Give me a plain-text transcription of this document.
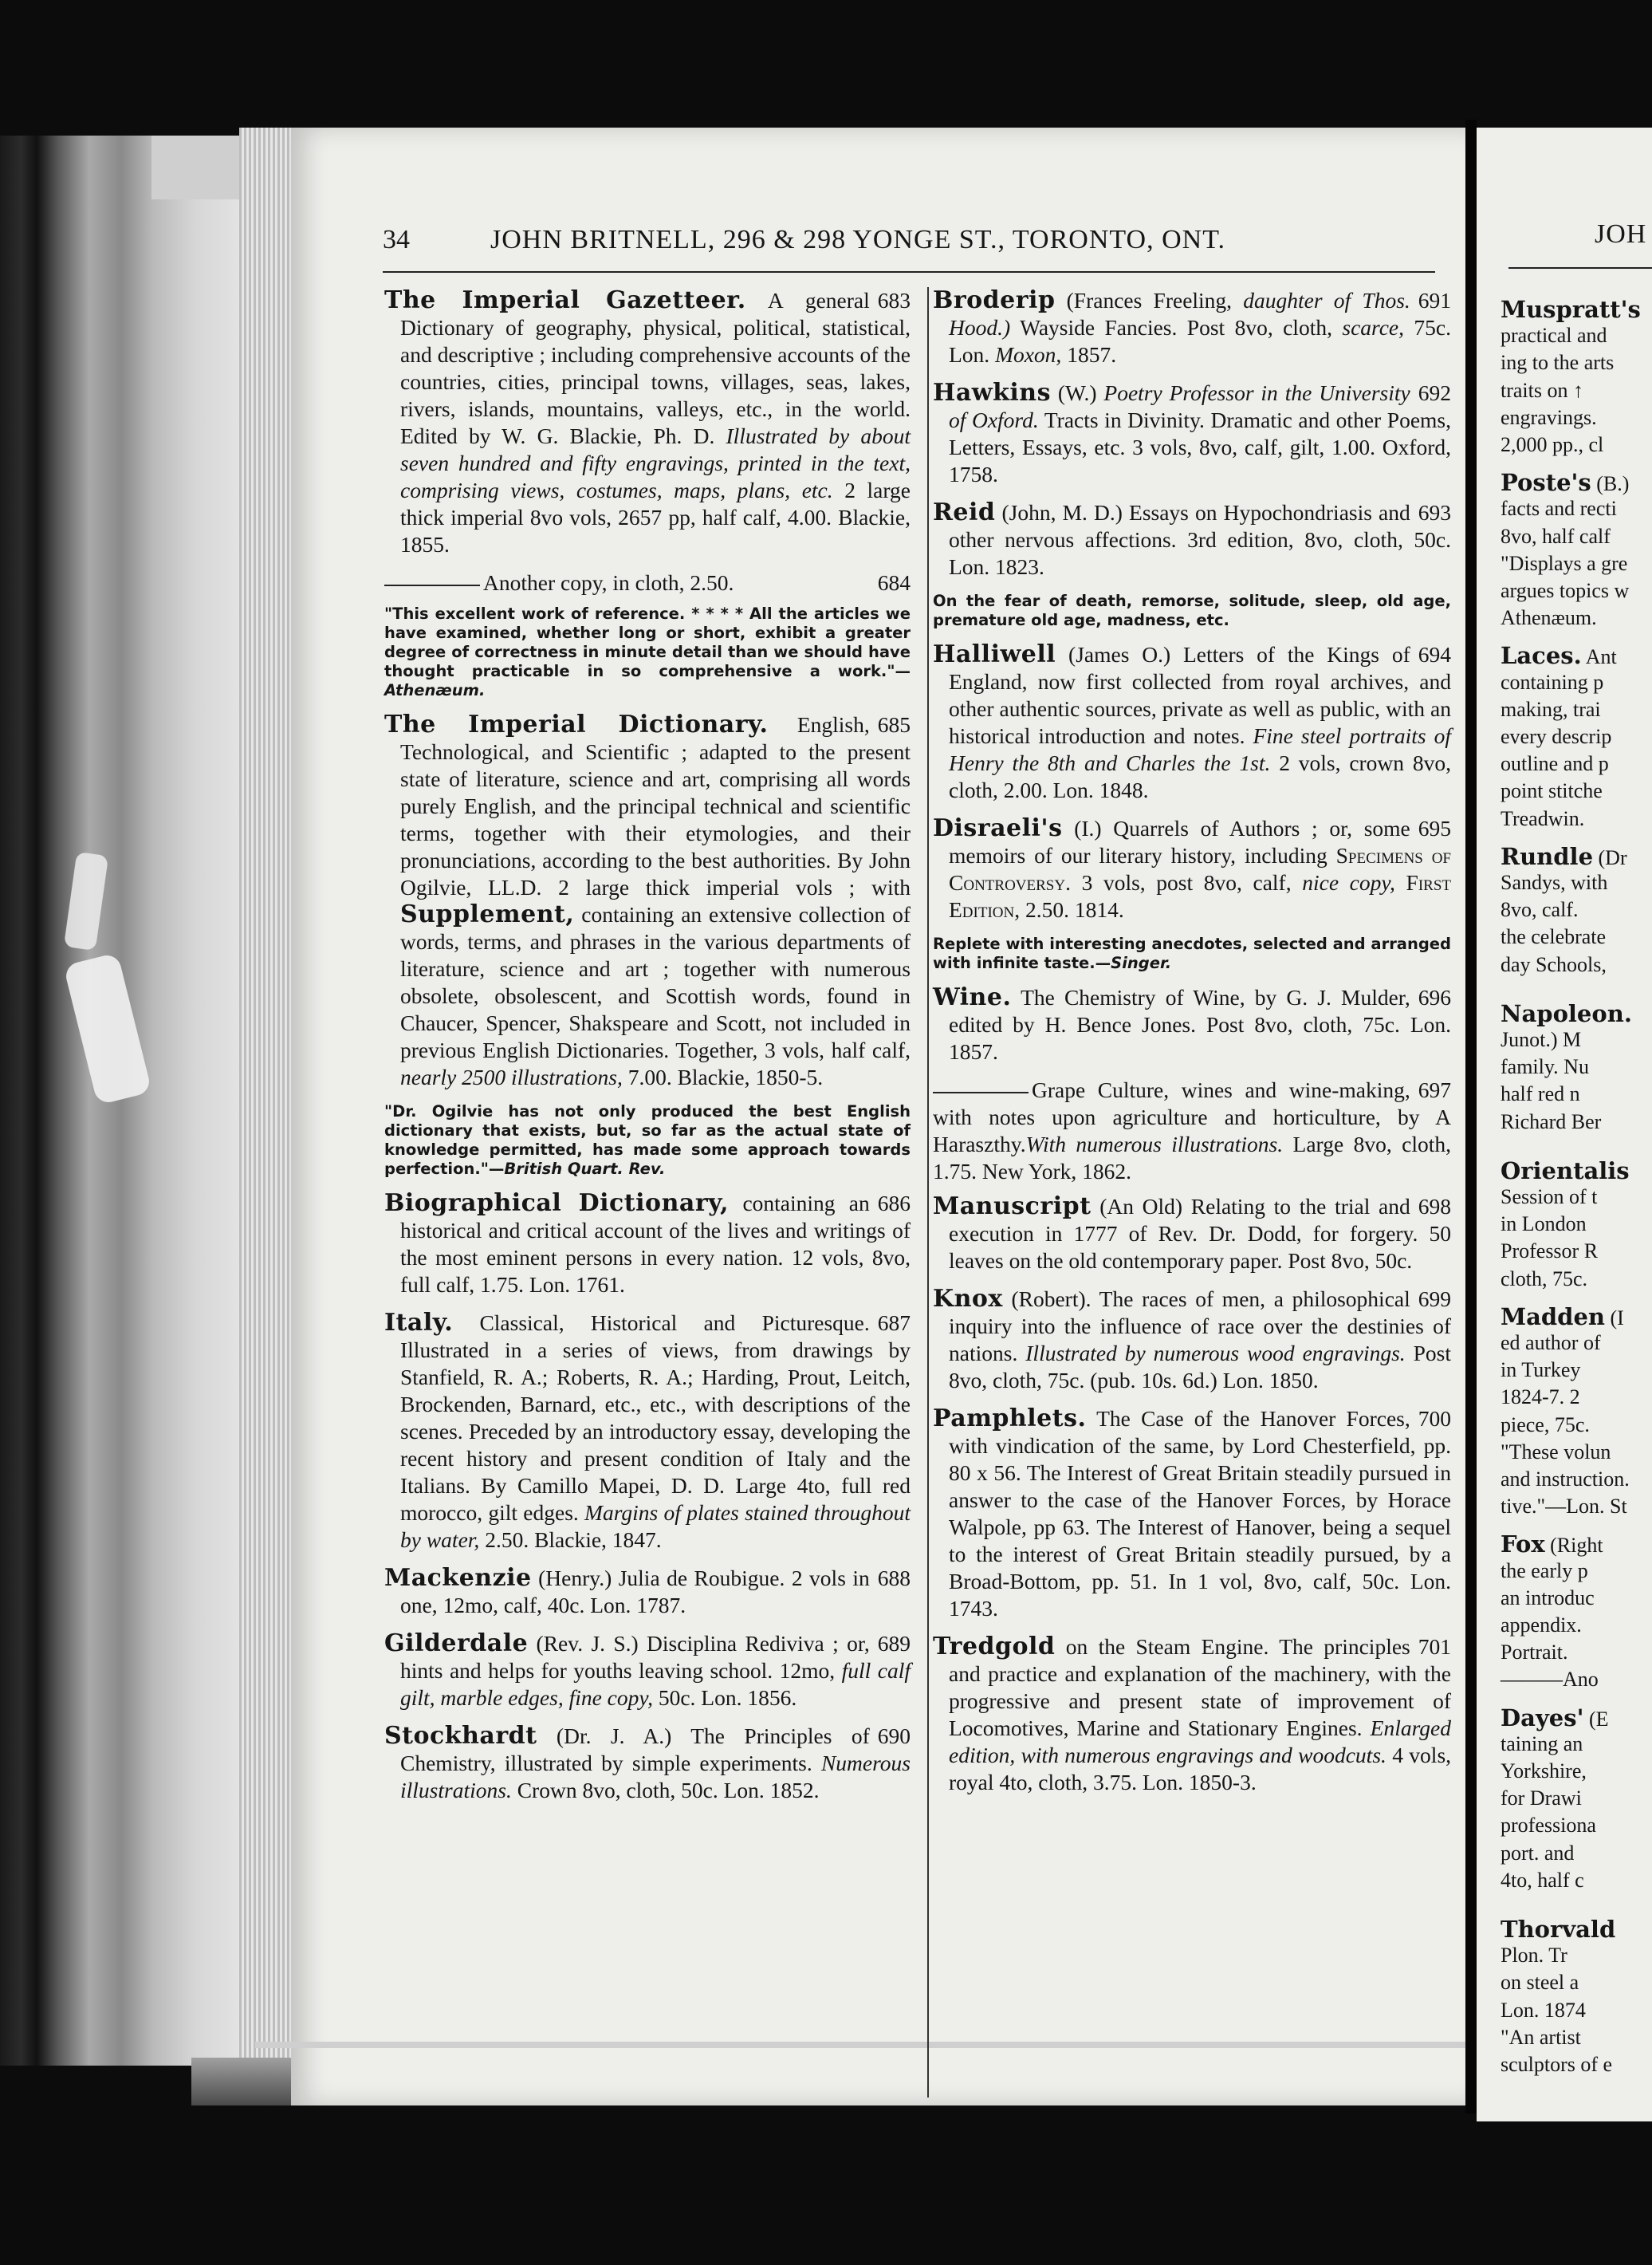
JOH
Muspratt's
practical and
ing to the arts
traits on ↑
engravings.
2,000 pp., cl
Poste's (B.)
facts and recti
8vo, half calf
"Displays a gre
argues topics w
Athenæum.
Laces. Ant
containing p
making, trai
every descrip
outline and p
point stitche
Treadwin.
Rundle (Dr
Sandys, with
8vo, calf.
the celebrate
day Schools,
Napoleon.
Junot.) M
family. Nu
half red n
Richard Ber
Orientalis
Session of t
in London
Professor R
cloth, 75c.
Madden (I
ed author of
in Turkey
1824-7. 2
piece, 75c.
"These volun
and instruction.
tive."—Lon. St
Fox (Right
the early p
an introduc
appendix.
Portrait.
———Ano
Dayes' (E
taining an
Yorkshire,
for Drawi
professiona
port. and
4to, half c
Thorvald
Plon. Tr
on steel a
Lon. 1874
"An artist
sculptors of e
34	JOHN BRITNELL, 296 & 298 YONGE ST., TORONTO, ONT.
683
The Imperial Gazetteer. A general Dictionary of geography, physical, political, statistical, and descriptive ; including comprehensive accounts of the countries, cities, principal towns, villages, seas, lakes, rivers, islands, mountains, valleys, etc., in the world. Edited by W. G. Blackie, Ph. D. Illustrated by about seven hundred and fifty engravings, printed in the text, comprising views, costumes, maps, plans, etc. 2 large thick imperial 8vo vols, 2657 pp, half calf, 4.00. Blackie, 1855.
684
Another copy, in cloth, 2.50.
"This excellent work of reference. * * * * All the articles we have examined, whether long or short, exhibit a greater degree of correctness in minute detail than we should have thought practicable in so comprehensive a work."—Athenæum.
685
The Imperial Dictionary. English, Technological, and Scientific ; adapted to the present state of literature, science and art, comprising all words purely English, and the principal technical and scientific terms, together with their etymologies, and their pronunciations, according to the best authorities. By John Ogilvie, LL.D. 2 large thick imperial vols ; with Supplement, containing an extensive collection of words, terms, and phrases in the various departments of literature, science and art ; together with numerous obsolete, obsolescent, and Scottish words, found in Chaucer, Spencer, Shakspeare and Scott, not included in previous English Dictionaries. Together, 3 vols, half calf, nearly 2500 illustrations, 7.00. Blackie, 1850-5.
"Dr. Ogilvie has not only produced the best English dictionary that exists, but, so far as the actual state of knowledge permitted, has made some approach towards perfection."—British Quart. Rev.
686
Biographical Dictionary, containing an historical and critical account of the lives and writings of the most eminent persons in every nation. 12 vols, 8vo, full calf, 1.75. Lon. 1761.
687
Italy. Classical, Historical and Picturesque. Illustrated in a series of views, from drawings by Stanfield, R. A.; Roberts, R. A.; Harding, Prout, Leitch, Brockenden, Barnard, etc., etc., with descriptions of the scenes. Preceded by an introductory essay, developing the recent history and present condition of Italy and the Italians. By Camillo Mapei, D. D. Large 4to, full red morocco, gilt edges. Margins of plates stained throughout by water, 2.50. Blackie, 1847.
688
Mackenzie (Henry.) Julia de Roubigue. 2 vols in one, 12mo, calf, 40c. Lon. 1787.
689
Gilderdale (Rev. J. S.) Disciplina Rediviva ; or, hints and helps for youths leaving school. 12mo, full calf gilt, marble edges, fine copy, 50c. Lon. 1856.
690
Stockhardt (Dr. J. A.) The Principles of Chemistry, illustrated by simple experiments. Numerous illustrations. Crown 8vo, cloth, 50c. Lon. 1852.
691
Broderip (Frances Freeling, daughter of Thos. Hood.) Wayside Fancies. Post 8vo, cloth, scarce, 75c. Lon. Moxon, 1857.
692
Hawkins (W.) Poetry Professor in the University of Oxford. Tracts in Divinity. Dramatic and other Poems, Letters, Essays, etc. 3 vols, 8vo, calf, gilt, 1.00. Oxford, 1758.
693
Reid (John, M. D.) Essays on Hypochondriasis and other nervous affections. 3rd edition, 8vo, cloth, 50c. Lon. 1823.
On the fear of death, remorse, solitude, sleep, old age, premature old age, madness, etc.
694
Halliwell (James O.) Letters of the Kings of England, now first collected from royal archives, and other authentic sources, private as well as public, with an historical introduction and notes. Fine steel portraits of Henry the 8th and Charles the 1st. 2 vols, crown 8vo, cloth, 2.00. Lon. 1848.
695
Disraeli's (I.) Quarrels of Authors ; or, some memoirs of our literary history, including Specimens of Controversy. 3 vols, post 8vo, calf, nice copy, First Edition, 2.50. 1814.
Replete with interesting anecdotes, selected and arranged with infinite taste.—Singer.
696
Wine. The Chemistry of Wine, by G. J. Mulder, edited by H. Bence Jones. Post 8vo, cloth, 75c. Lon. 1857.
697
Grape Culture, wines and wine-making, with notes upon agriculture and horticulture, by A Haraszthy.With numerous illustrations. Large 8vo, cloth, 1.75. New York, 1862.
698
Manuscript (An Old) Relating to the trial and execution in 1777 of Rev. Dr. Dodd, for forgery. 50 leaves on the old contemporary paper. Post 8vo, 50c.
699
Knox (Robert). The races of men, a philosophical inquiry into the influence of race over the destinies of nations. Illustrated by numerous wood engravings. Post 8vo, cloth, 75c. (pub. 10s. 6d.) Lon. 1850.
700
Pamphlets. The Case of the Hanover Forces, with vindication of the same, by Lord Chesterfield, pp. 80 x 56. The Interest of Great Britain steadily pursued in answer to the case of the Hanover Forces, by Horace Walpole, pp 63. The Interest of Hanover, being a sequel to the interest of Great Britain steadily pursued, by a Broad-Bottom, pp. 51. In 1 vol, 8vo, calf, 50c. Lon. 1743.
701
Tredgold on the Steam Engine. The principles and practice and explanation of the machinery, with the progressive and present state of improvement of Locomotives, Marine and Stationary Engines. Enlarged edition, with numerous engravings and woodcuts. 4 vols, royal 4to, cloth, 3.75. Lon. 1850-3.
